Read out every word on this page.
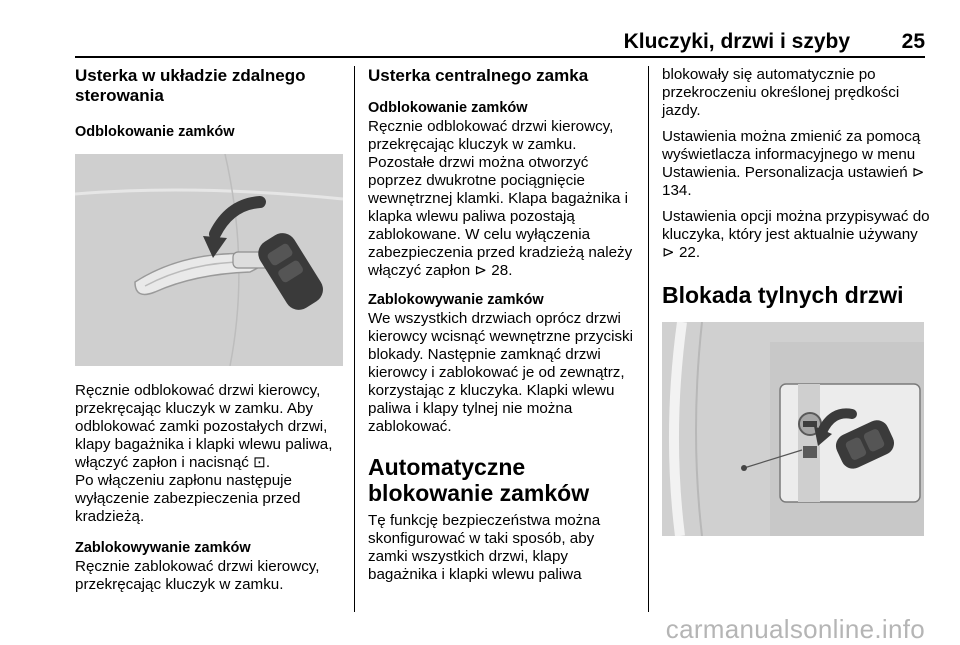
Kluczyki, drzwi i szyby 25

Usterka w układzie zdalnego sterowania

Odblokowanie zamków

Ręcznie odblokować drzwi kierowcy, przekręcając kluczyk w zamku. Aby odblokować zamki pozostałych drzwi, klapy bagażnika i klapki wlewu paliwa, włączyć zapłon i nacisnąć ⊡.

Po włączeniu zapłonu następuje wyłączenie zabezpieczenia przed kradzieżą.

Zablokowywanie zamków

Ręcznie zablokować drzwi kierowcy, przekręcając kluczyk w zamku.

Usterka centralnego zamka

Odblokowanie zamków

Ręcznie odblokować drzwi kierowcy, przekręcając kluczyk w zamku. Pozostałe drzwi można otworzyć poprzez dwukrotne pociągnięcie wewnętrznej klamki. Klapa bagażnika i klapka wlewu paliwa pozostają zablokowane. W celu wyłączenia zabezpieczenia przed kradzieżą należy włączyć zapłon ⊳ 28.

Zablokowywanie zamków

We wszystkich drzwiach oprócz drzwi kierowcy wcisnąć wewnętrzne przyciski blokady. Następnie zamknąć drzwi kierowcy i zablokować je od zewnątrz, korzystając z kluczyka. Klapki wlewu paliwa i klapy tylnej nie można zablokować.

Automatyczne blokowanie zamków

Tę funkcję bezpieczeństwa można skonfigurować w taki sposób, aby zamki wszystkich drzwi, klapy bagażnika i klapki wlewu paliwa

blokowały się automatycznie po przekroczeniu określonej prędkości jazdy.

Ustawienia można zmienić za pomocą wyświetlacza informacyjnego w menu Ustawienia. Personalizacja ustawień ⊳ 134.

Ustawienia opcji można przypisywać do kluczyka, który jest aktualnie używany ⊳ 22.

Blokada tylnych drzwi

carmanualsonline.info
